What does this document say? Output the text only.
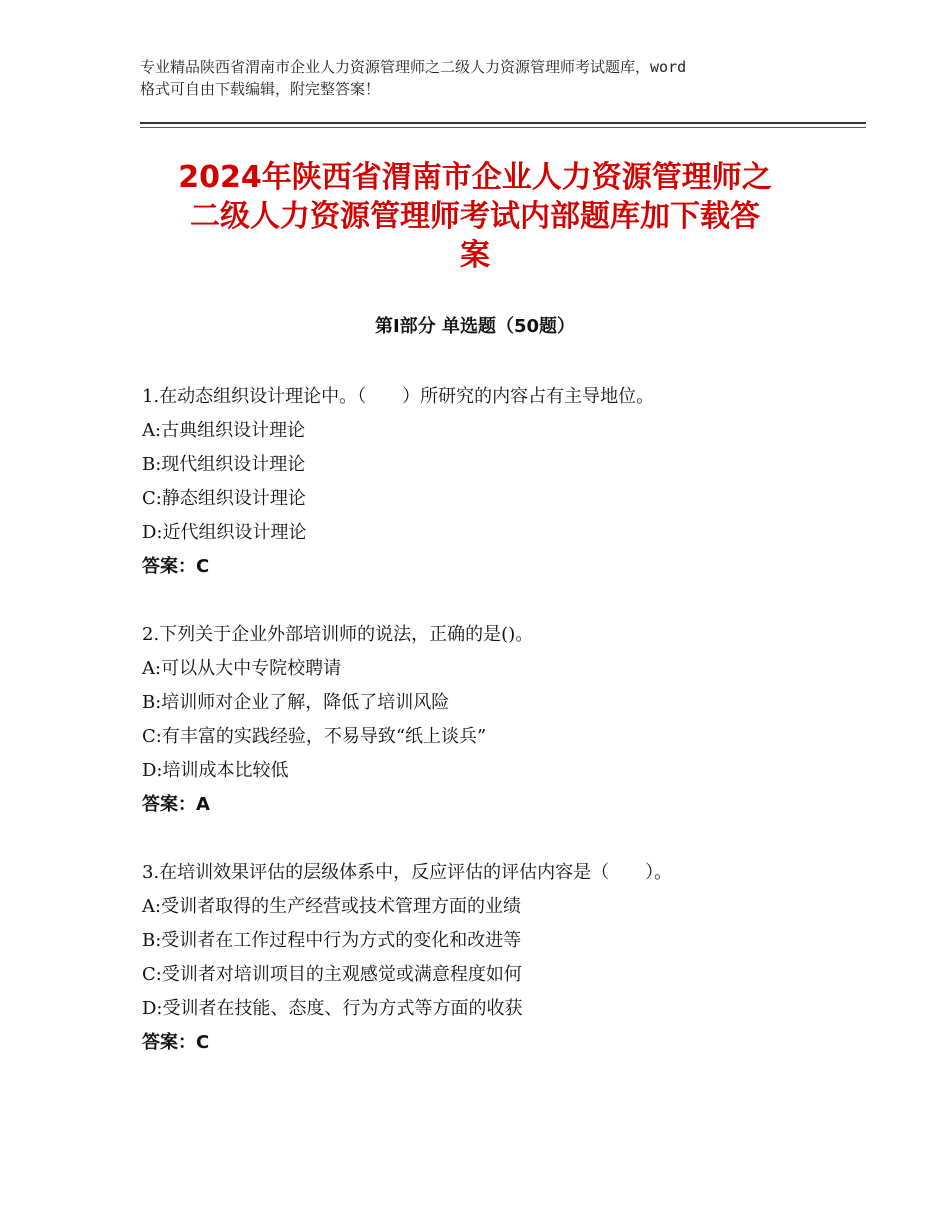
专业精品陕西省渭南市企业人力资源管理师之二级人力资源管理师考试题库，word
格式可自由下载编辑，附完整答案！
2024年陕西省渭南市企业人力资源管理师之
二级人力资源管理师考试内部题库加下载答
案
第Ⅰ部分 单选题（50题）
1.在动态组织设计理论中。（　　）所研究的内容占有主导地位。
A:古典组织设计理论
B:现代组织设计理论
C:静态组织设计理论
D:近代组织设计理论
答案：C
2.下列关于企业外部培训师的说法，正确的是()。
A:可以从大中专院校聘请
B:培训师对企业了解，降低了培训风险
C:有丰富的实践经验，不易导致“纸上谈兵”
D:培训成本比较低
答案：A
3.在培训效果评估的层级体系中，反应评估的评估内容是（　　）。
A:受训者取得的生产经营或技术管理方面的业绩
B:受训者在工作过程中行为方式的变化和改进等
C:受训者对培训项目的主观感觉或满意程度如何
D:受训者在技能、态度、行为方式等方面的收获
答案：C
